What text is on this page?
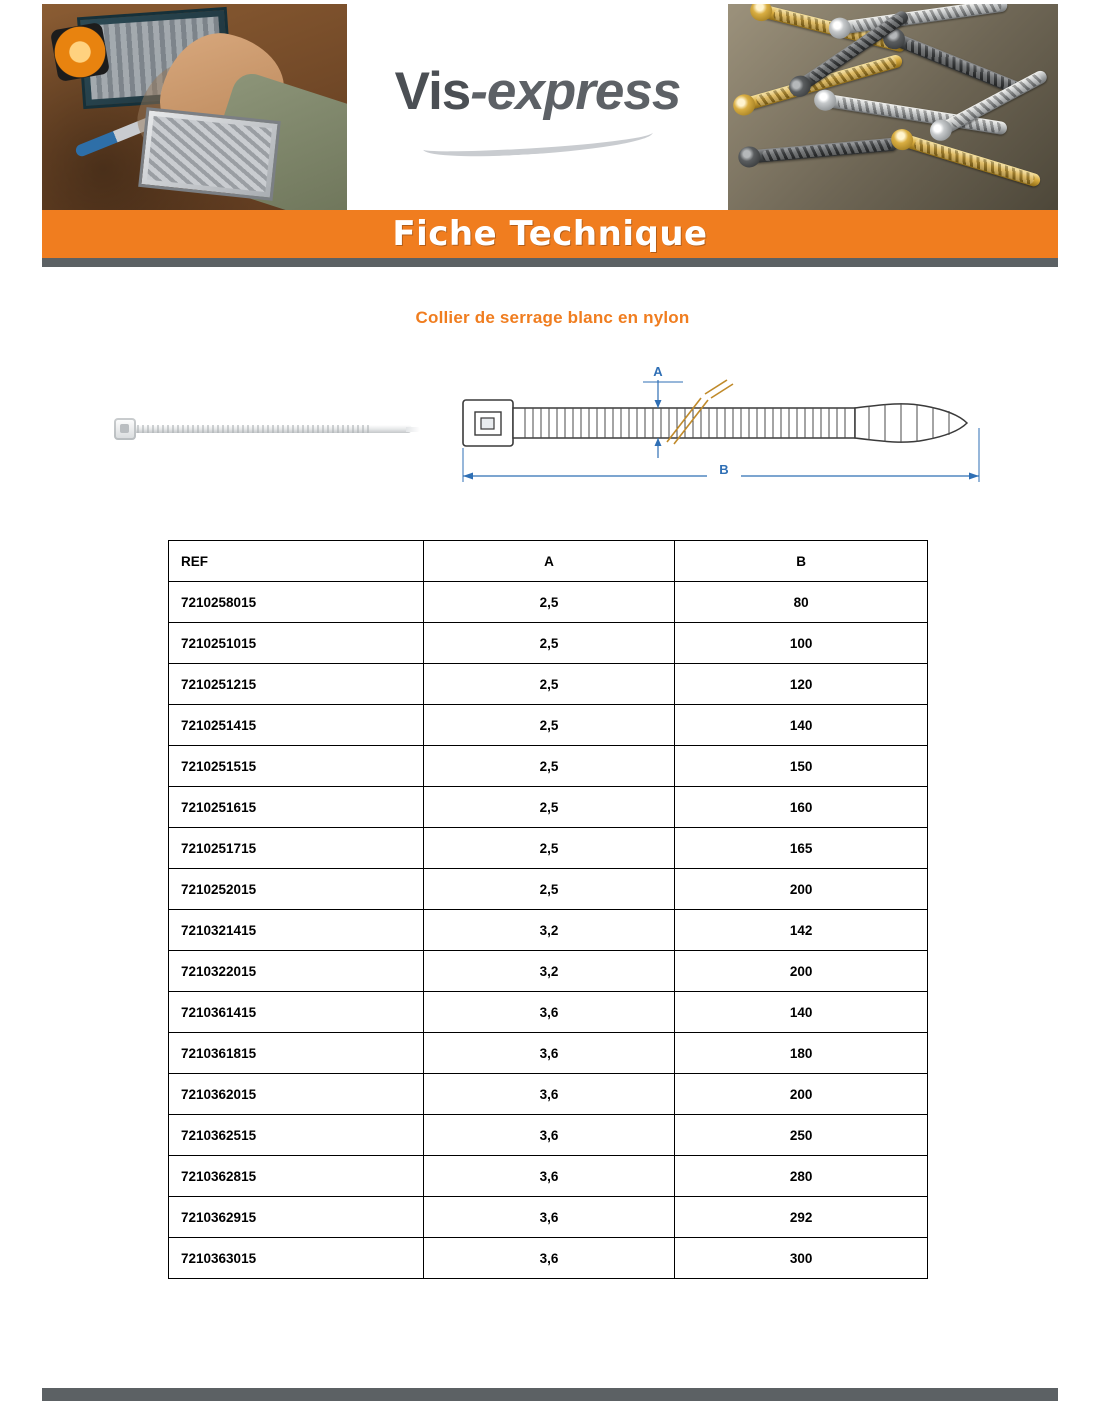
Vis-express
Fiche Technique
Collier de serrage blanc en nylon
A
B
REF	A	B
7210258015	2,5	80
7210251015	2,5	100
7210251215	2,5	120
7210251415	2,5	140
7210251515	2,5	150
7210251615	2,5	160
7210251715	2,5	165
7210252015	2,5	200
7210321415	3,2	142
7210322015	3,2	200
7210361415	3,6	140
7210361815	3,6	180
7210362015	3,6	200
7210362515	3,6	250
7210362815	3,6	280
7210362915	3,6	292
7210363015	3,6	300
